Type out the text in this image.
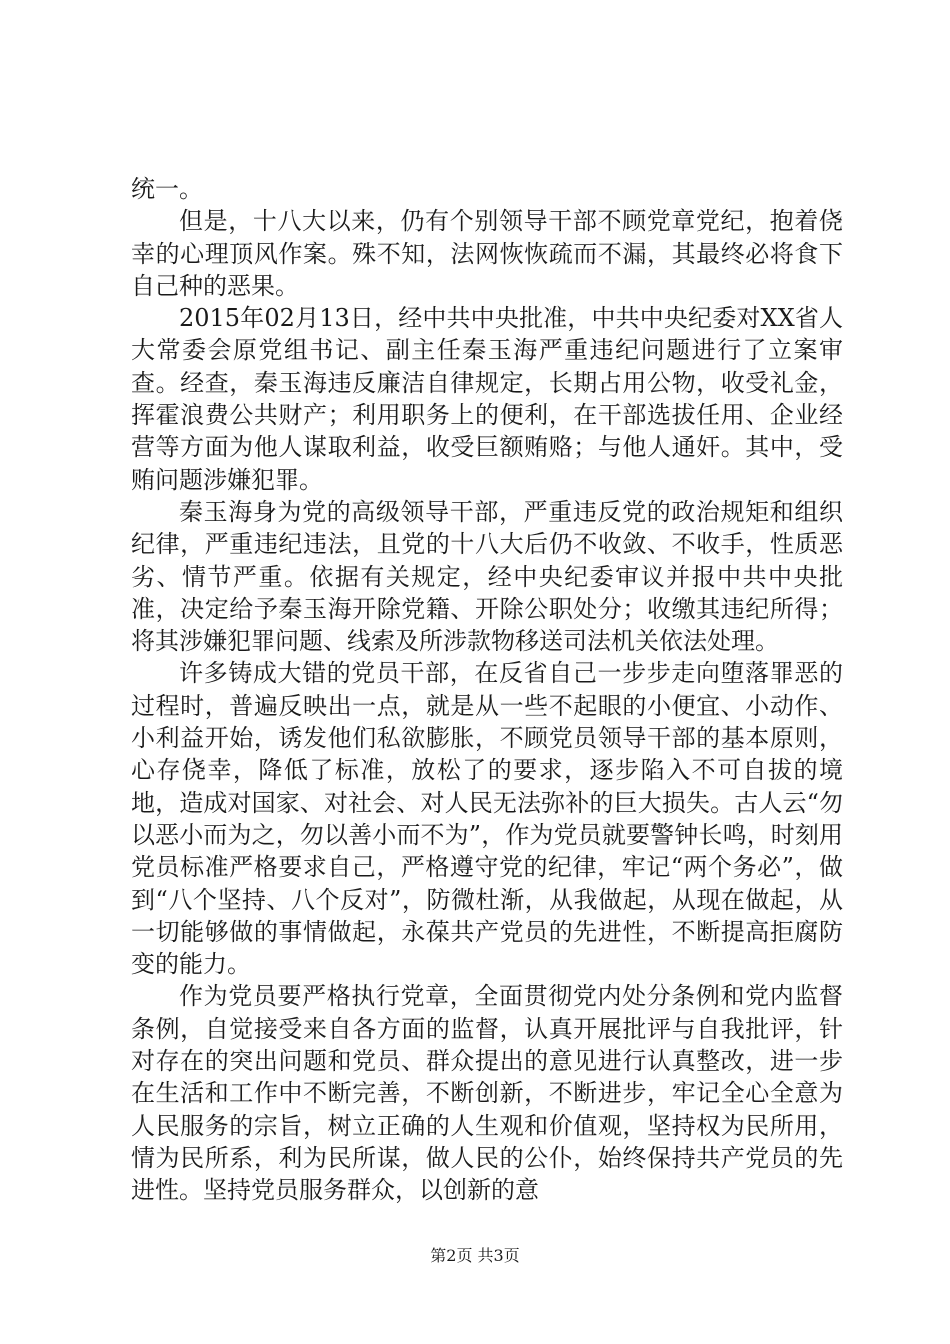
统一。

但是，十八大以来，仍有个别领导干部不顾党章党纪，抱着侥幸的心理顶风作案。殊不知，法网恢恢疏而不漏，其最终必将食下自己种的恶果。

2015年02月13日，经中共中央批准，中共中央纪委对XX省人大常委会原党组书记、副主任秦玉海严重违纪问题进行了立案审查。经查，秦玉海违反廉洁自律规定，长期占用公物，收受礼金，挥霍浪费公共财产；利用职务上的便利，在干部选拔任用、企业经营等方面为他人谋取利益，收受巨额贿赂；与他人通奸。其中，受贿问题涉嫌犯罪。

秦玉海身为党的高级领导干部，严重违反党的政治规矩和组织纪律，严重违纪违法，且党的十八大后仍不收敛、不收手，性质恶劣、情节严重。依据有关规定，经中央纪委审议并报中共中央批准，决定给予秦玉海开除党籍、开除公职处分；收缴其违纪所得；将其涉嫌犯罪问题、线索及所涉款物移送司法机关依法处理。

许多铸成大错的党员干部，在反省自己一步步走向堕落罪恶的过程时，普遍反映出一点，就是从一些不起眼的小便宜、小动作、小利益开始，诱发他们私欲膨胀，不顾党员领导干部的基本原则，心存侥幸，降低了标准，放松了的要求，逐步陷入不可自拔的境地，造成对国家、对社会、对人民无法弥补的巨大损失。古人云“勿以恶小而为之，勿以善小而不为”，作为党员就要警钟长鸣，时刻用党员标准严格要求自己，严格遵守党的纪律，牢记“两个务必”，做到“八个坚持、八个反对”，防微杜渐，从我做起，从现在做起，从一切能够做的事情做起，永葆共产党员的先进性，不断提高拒腐防变的能力。

作为党员要严格执行党章，全面贯彻党内处分条例和党内监督条例，自觉接受来自各方面的监督，认真开展批评与自我批评，针对存在的突出问题和党员、群众提出的意见进行认真整改，进一步在生活和工作中不断完善，不断创新，不断进步，牢记全心全意为人民服务的宗旨，树立正确的人生观和价值观，坚持权为民所用，情为民所系，利为民所谋，做人民的公仆，始终保持共产党员的先进性。坚持党员服务群众，以创新的意

第2页 共3页
